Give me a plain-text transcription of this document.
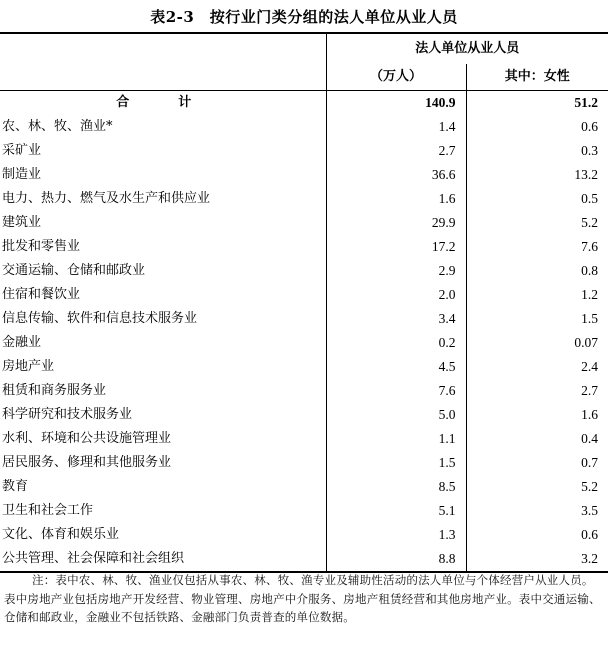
表2-3　按行业门类分组的法人单位从业人员
	法人单位从业人员	
	（万人）	其中：女性
合　计	140.9	51.2
农、林、牧、渔业*	1.4	0.6
采矿业	2.7	0.3
制造业	36.6	13.2
电力、热力、燃气及水生产和供应业	1.6	0.5
建筑业	29.9	5.2
批发和零售业	17.2	7.6
交通运输、仓储和邮政业	2.9	0.8
住宿和餐饮业	2.0	1.2
信息传输、软件和信息技术服务业	3.4	1.5
金融业	0.2	0.07
房地产业	4.5	2.4
租赁和商务服务业	7.6	2.7
科学研究和技术服务业	5.0	1.6
水利、环境和公共设施管理业	1.1	0.4
居民服务、修理和其他服务业	1.5	0.7
教育	8.5	5.2
卫生和社会工作	5.1	3.5
文化、体育和娱乐业	1.3	0.6
公共管理、社会保障和社会组织	8.8	3.2
注：表中农、林、牧、渔业仅包括从事农、林、牧、渔专业及辅助性活动的法人单位与个体经营户从业人员。表中房地产业包括房地产开发经营、物业管理、房地产中介服务、房地产租赁经营和其他房地产业。表中交通运输、仓储和邮政业，金融业不包括铁路、金融部门负责普查的单位数据。
